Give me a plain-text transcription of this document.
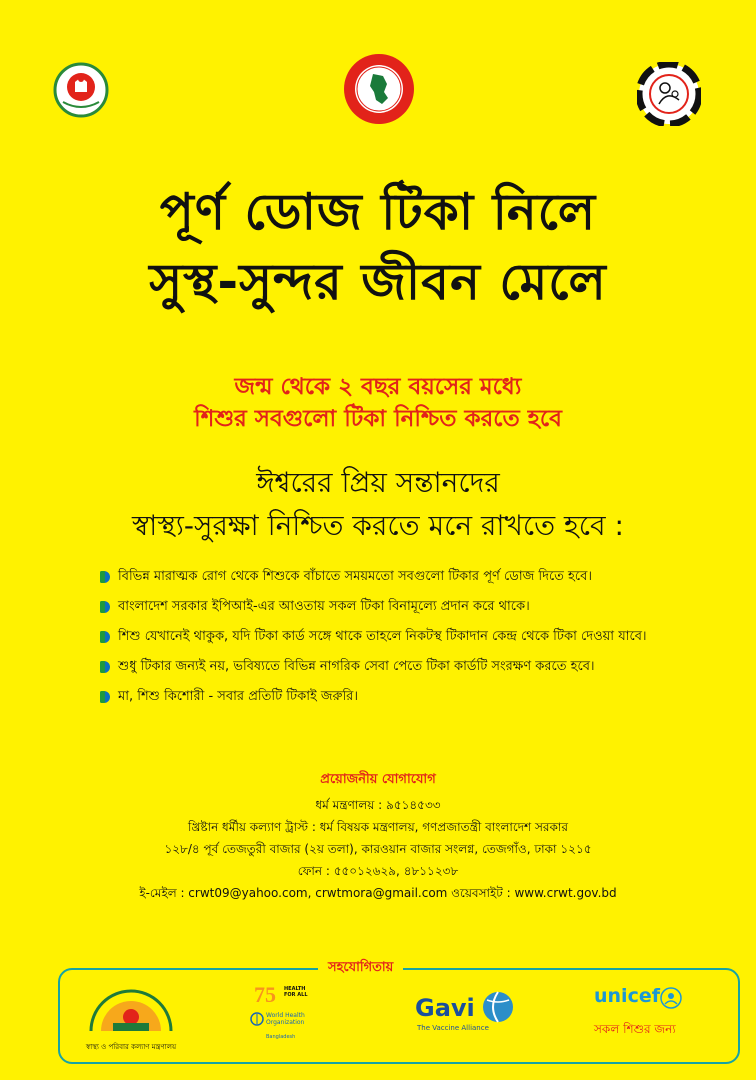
পূর্ণ ডোজ টিকা নিলে
সুস্থ-সুন্দর জীবন মেলে
জন্ম থেকে ২ বছর বয়সের মধ্যে
শিশুর সবগুলো টিকা নিশ্চিত করতে হবে
ঈশ্বরের প্রিয় সন্তানদের
স্বাস্থ্য-সুরক্ষা নিশ্চিত করতে মনে রাখতে হবে :
বিভিন্ন মারাত্মক রোগ থেকে শিশুকে বাঁচাতে সময়মতো সবগুলো টিকার পূর্ণ ডোজ দিতে হবে।
বাংলাদেশ সরকার ইপিআই-এর আওতায় সকল টিকা বিনামূল্যে প্রদান করে থাকে।
শিশু যেখানেই থাকুক, যদি টিকা কার্ড সঙ্গে থাকে তাহলে নিকটস্থ টিকাদান কেন্দ্র থেকে টিকা দেওয়া যাবে।
শুধু টিকার জন্যই নয়, ভবিষ্যতে বিভিন্ন নাগরিক সেবা পেতে টিকা কার্ডটি সংরক্ষণ করতে হবে।
মা, শিশু কিশোরী - সবার প্রতিটি টিকাই জরুরি।
প্রয়োজনীয় যোগাযোগ
ধর্ম মন্ত্রণালয় : ৯৫১৪৫৩৩
খ্রিষ্টান ধর্মীয় কল্যাণ ট্রাস্ট : ধর্ম বিষয়ক মন্ত্রণালয়, গণপ্রজাতন্ত্রী বাংলাদেশ সরকার
১২৮/৪ পূর্ব তেজতুরী বাজার (২য় তলা), কারওয়ান বাজার সংলগ্ন, তেজগাঁও, ঢাকা ১২১৫
ফোন : ৫৫০১২৬২৯, ৪৮১১২৩৮
ই-মেইল : crwt09@yahoo.com, crwtmora@gmail.com ওয়েবসাইট : www.crwt.gov.bd
সহযোগিতায়
স্বাস্থ্য ও পরিবার কল্যাণ মন্ত্রণালয়
75 HEALTH FOR ALL
World Health Organization
Bangladesh
Gavi
The Vaccine Alliance
unicef
সকল শিশুর জন্য
